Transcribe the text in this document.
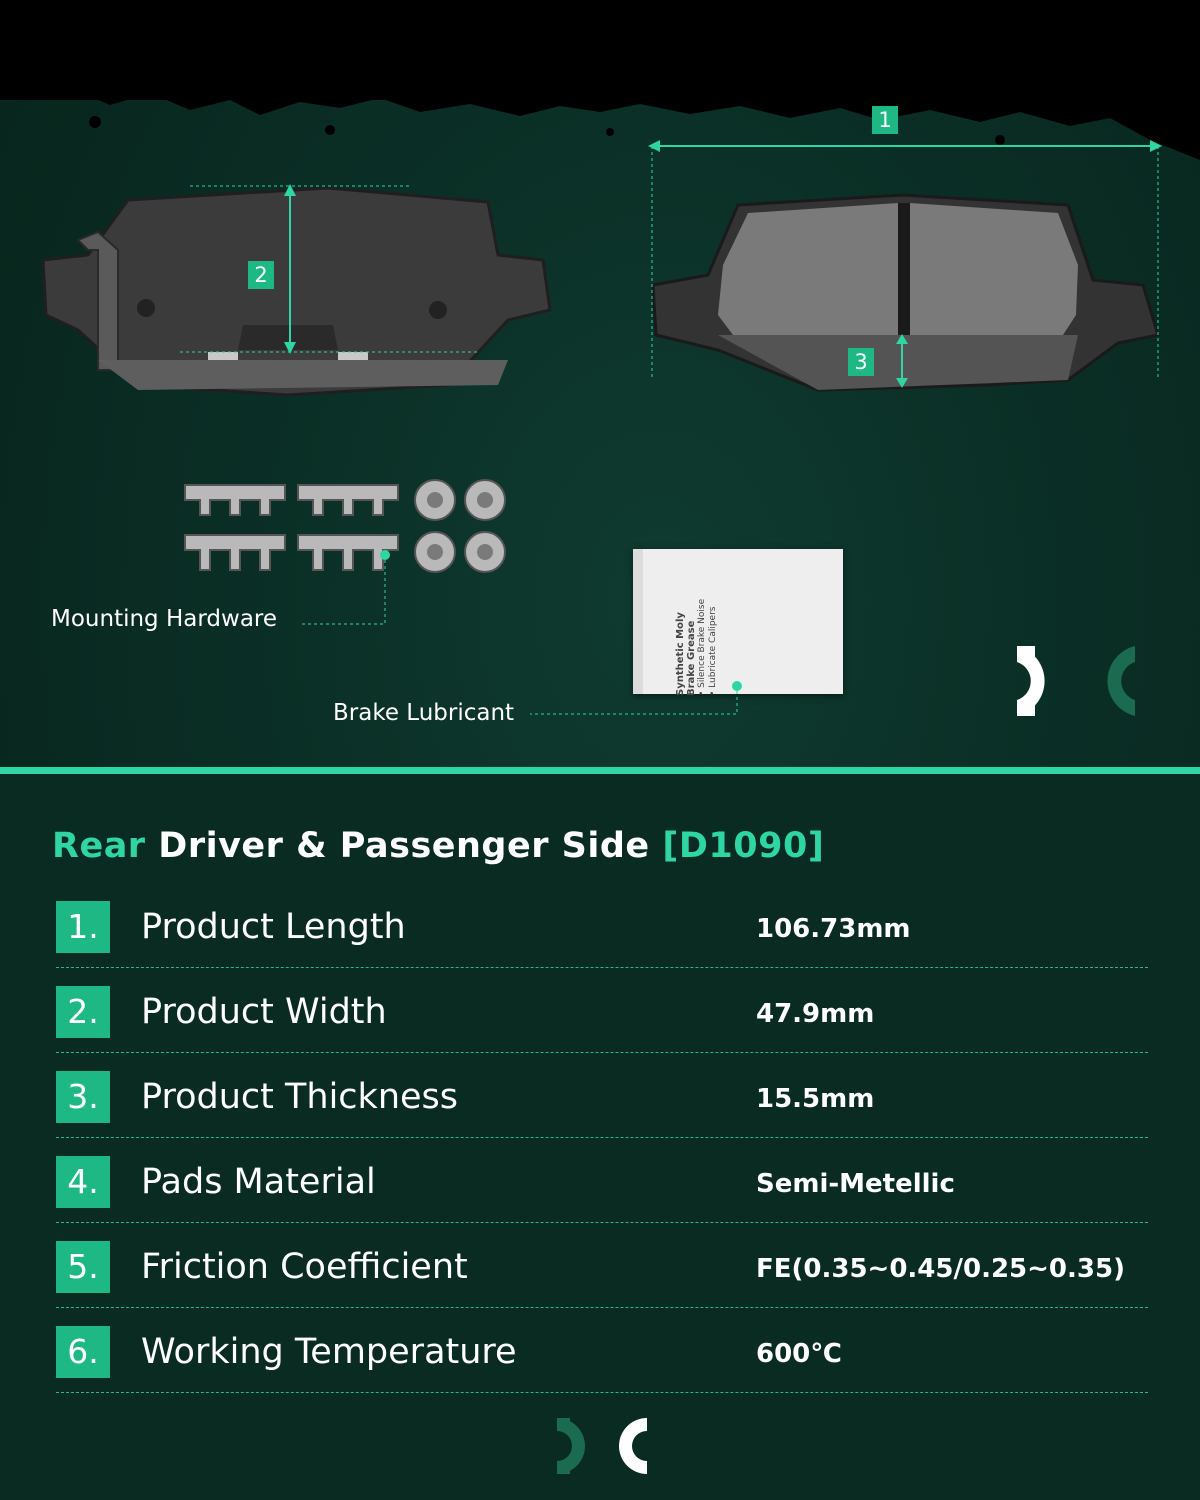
2
1
3
Mounting Hardware	Synthetic Moly Brake Grease • Silence Brake Noise • Lubricate Calipers
Brake Lubricant
Rear Driver & Passenger Side [D1090]
1.	Product Length	106.73mm
2.	Product Width	47.9mm
3.	Product Thickness	15.5mm
4.	Pads Material	Semi-Metellic
5.	Friction Coefficient	FE(0.35~0.45/0.25~0.35)
6.	Working Temperature	600℃
